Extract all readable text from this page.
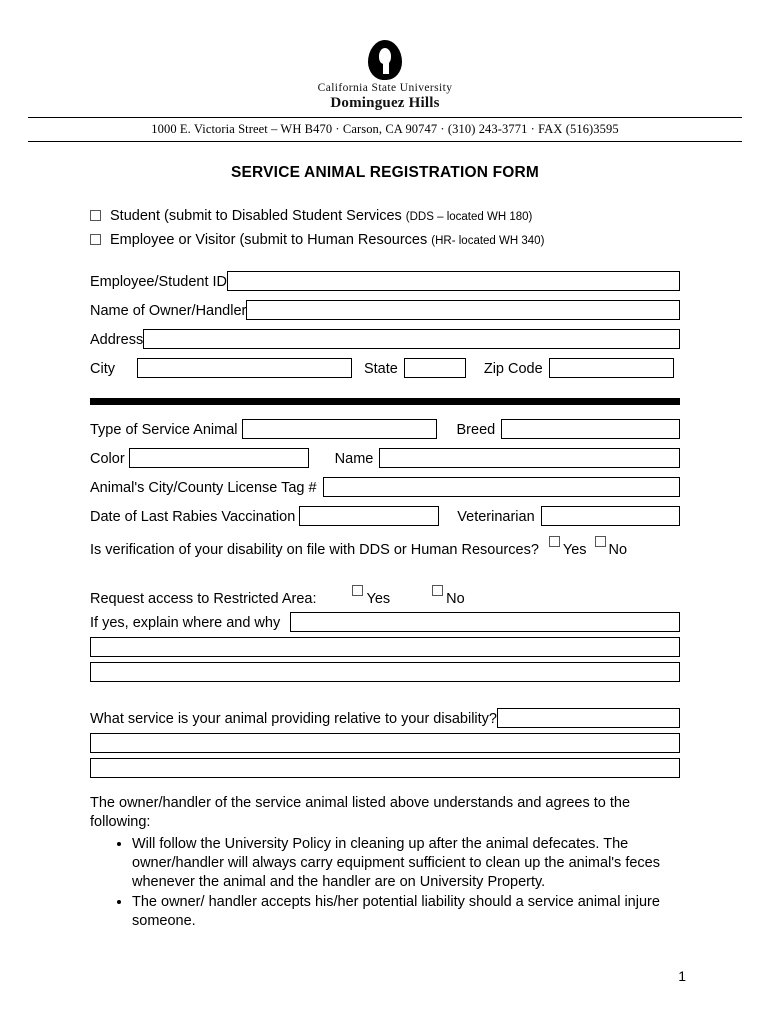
California State University
Dominguez Hills
1000 E. Victoria Street – WH B470 · Carson, CA 90747 · (310) 243-3771 · FAX (516)3595
SERVICE ANIMAL REGISTRATION FORM
Student (submit to Disabled Student Services (DDS – located WH 180)
Employee or Visitor (submit to Human Resources (HR- located WH 340)
Employee/Student ID
Name of Owner/Handler
Address
City	State	Zip Code
Type of Service Animal	Breed
Color	Name
Animal's City/County License Tag #
Date of Last Rabies Vaccination	Veterinarian
Is verification of your disability on file with DDS or Human Resources? Yes No
Request access to Restricted Area:	Yes	No
If yes, explain where and why
What service is your animal providing relative to your disability?
The owner/handler of the service animal listed above understands and agrees to the following:
• Will follow the University Policy in cleaning up after the animal defecates. The owner/handler will always carry equipment sufficient to clean up the animal's feces whenever the animal and the handler are on University Property.
• The owner/ handler accepts his/her potential liability should a service animal injure someone.
1
